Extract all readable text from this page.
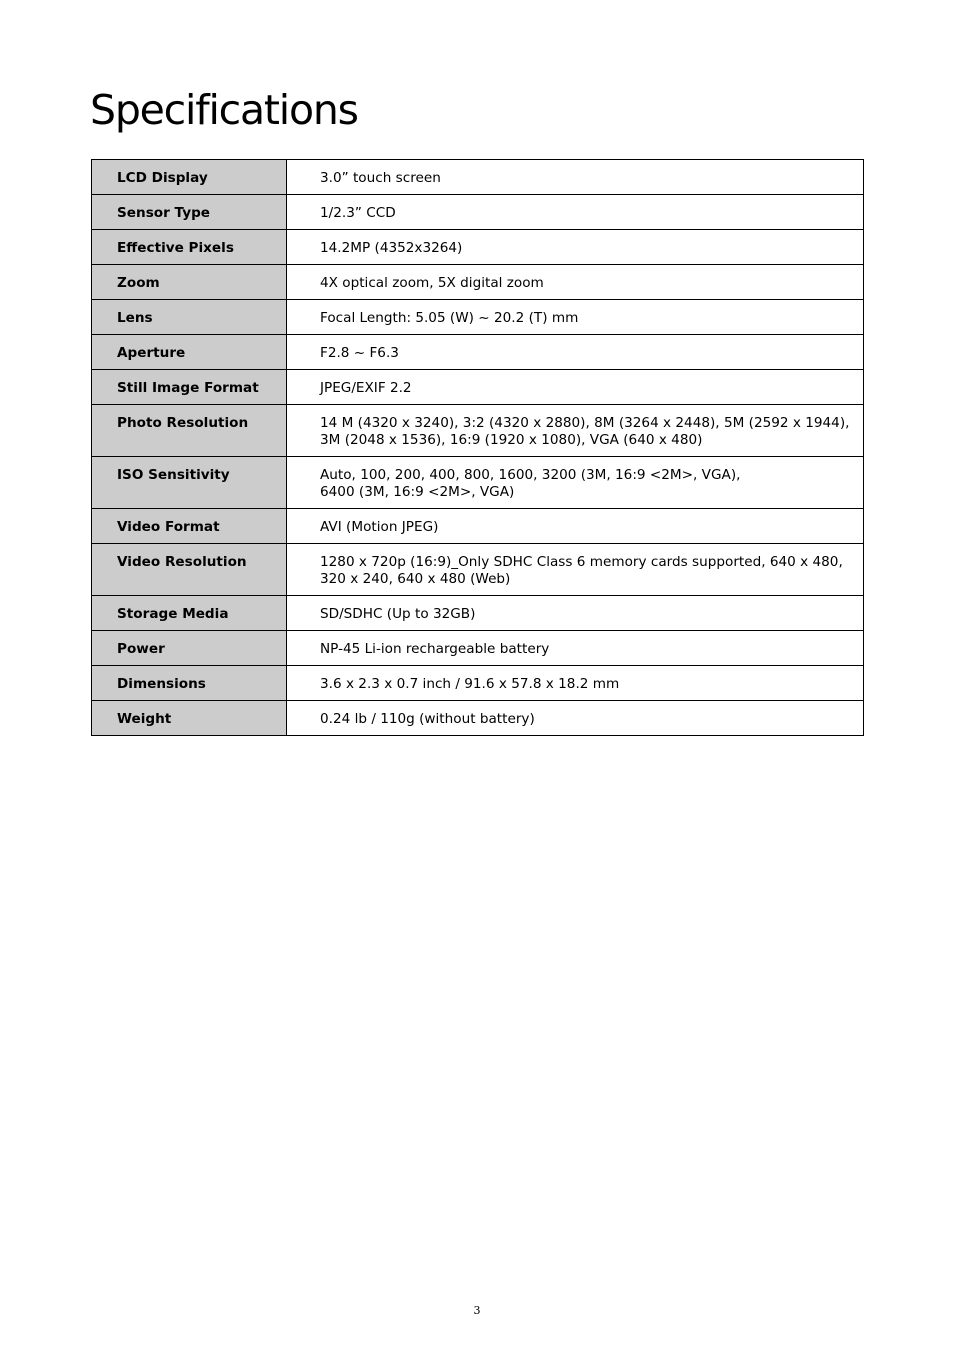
Specifications
LCD Display	3.0” touch screen
Sensor Type	1/2.3” CCD
Effective Pixels	14.2MP (4352x3264)
Zoom	4X optical zoom, 5X digital zoom
Lens	Focal Length: 5.05 (W) ~ 20.2 (T) mm
Aperture	F2.8 ~ F6.3
Still Image Format	JPEG/EXIF 2.2
Photo Resolution	14 M (4320 x 3240), 3:2 (4320 x 2880), 8M (3264 x 2448), 5M (2592 x 1944),
3M (2048 x 1536), 16:9 (1920 x 1080), VGA (640 x 480)
ISO Sensitivity	Auto, 100, 200, 400, 800, 1600, 3200 (3M, 16:9 <2M>, VGA),
6400 (3M, 16:9 <2M>, VGA)
Video Format	AVI (Motion JPEG)
Video Resolution	1280 x 720p (16:9)_Only SDHC Class 6 memory cards supported, 640 x 480,
320 x 240, 640 x 480 (Web)
Storage Media	SD/SDHC (Up to 32GB)
Power	NP-45 Li-ion rechargeable battery
Dimensions	3.6 x 2.3 x 0.7 inch / 91.6 x 57.8 x 18.2 mm
Weight	0.24 lb / 110g (without battery)
3
